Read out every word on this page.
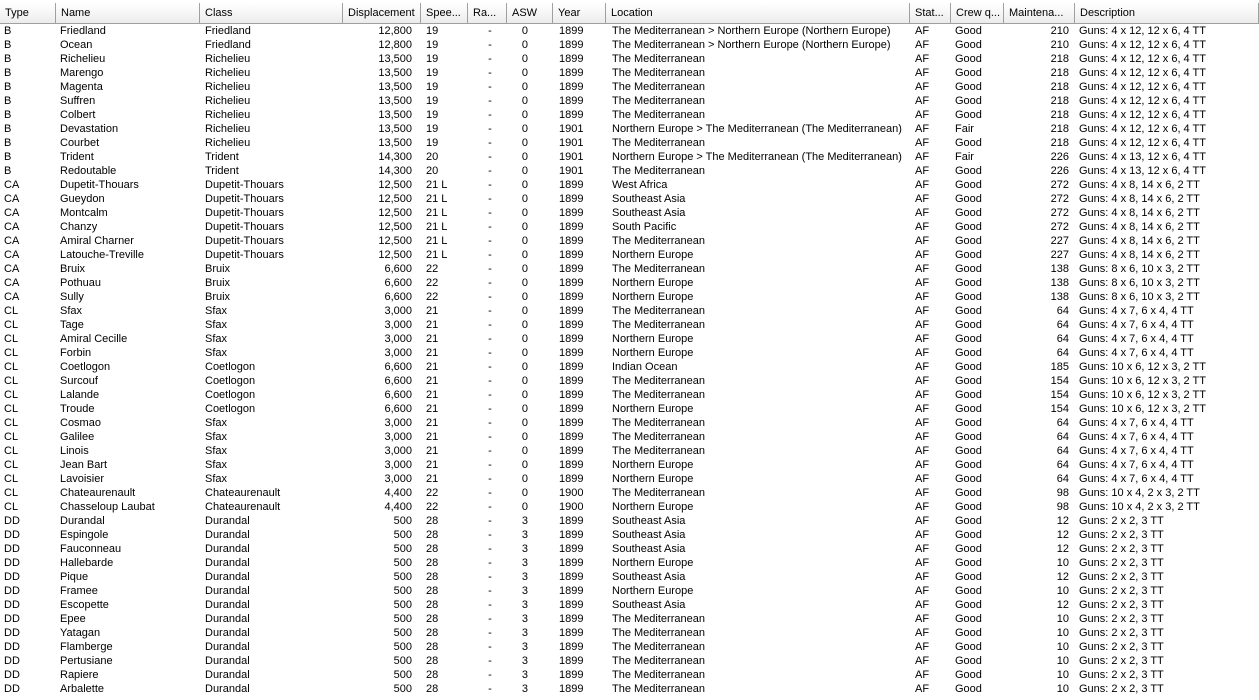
Type	Name	Class	Displacement	Spee...	Ra...	ASW	Year	Location	Stat...	Crew q... Maintena...	Description
B	Friedland	Friedland	12,800 19	-	0	1899	The Mediterranean > Northern Europe (Northern Europe)	AF	Good	210 Guns: 4 x 12, 12 x 6, 4 TT
B	Ocean	Friedland	12,800 19	-	0	1899	The Mediterranean > Northern Europe (Northern Europe)	AF	Good	210 Guns: 4 x 12, 12 x 6, 4 TT
B	Richelieu	Richelieu	13,500 19	-	0	1899	The Mediterranean	AF	Good	218 Guns: 4 x 12, 12 x 6, 4 TT
B	Marengo	Richelieu	13,500 19	-	0	1899	The Mediterranean	AF	Good	218 Guns: 4 x 12, 12 x 6, 4 TT
B	Magenta	Richelieu	13,500 19	-	0	1899	The Mediterranean	AF	Good	218 Guns: 4 x 12, 12 x 6, 4 TT
B	Suffren	Richelieu	13,500 19	-	0	1899	The Mediterranean	AF	Good	218 Guns: 4 x 12, 12 x 6, 4 TT
B	Colbert	Richelieu	13,500 19	-	0	1899	The Mediterranean	AF	Good	218 Guns: 4 x 12, 12 x 6, 4 TT
B	Devastation	Richelieu	13,500 19	-	0	1901	Northern Europe > The Mediterranean (The Mediterranean)	AF	Fair	218 Guns: 4 x 12, 12 x 6, 4 TT
B	Courbet	Richelieu	13,500 19	-	0	1901	The Mediterranean	AF	Good	218 Guns: 4 x 12, 12 x 6, 4 TT
B	Trident	Trident	14,300 20	-	0	1901	Northern Europe > The Mediterranean (The Mediterranean)	AF	Fair	226 Guns: 4 x 13, 12 x 6, 4 TT
B	Redoutable	Trident	14,300 20	-	0	1901	The Mediterranean	AF	Good	226 Guns: 4 x 13, 12 x 6, 4 TT
CA	Dupetit-Thouars	Dupetit-Thouars	12,500 21 L	-	0	1899	West Africa	AF	Good	272 Guns: 4 x 8, 14 x 6, 2 TT
CA	Gueydon	Dupetit-Thouars	12,500 21 L	-	0	1899	Southeast Asia	AF	Good	272 Guns: 4 x 8, 14 x 6, 2 TT
CA	Montcalm	Dupetit-Thouars	12,500 21 L	-	0	1899	Southeast Asia	AF	Good	272 Guns: 4 x 8, 14 x 6, 2 TT
CA	Chanzy	Dupetit-Thouars	12,500 21 L	-	0	1899	South Pacific	AF	Good	272 Guns: 4 x 8, 14 x 6, 2 TT
CA	Amiral Charner	Dupetit-Thouars	12,500 21 L	-	0	1899	The Mediterranean	AF	Good	227 Guns: 4 x 8, 14 x 6, 2 TT
CA	Latouche-Treville	Dupetit-Thouars	12,500 21 L	-	0	1899	Northern Europe	AF	Good	227 Guns: 4 x 8, 14 x 6, 2 TT
CA	Bruix	Bruix	6,600 22	-	0	1899	The Mediterranean	AF	Good	138 Guns: 8 x 6, 10 x 3, 2 TT
CA	Pothuau	Bruix	6,600 22	-	0	1899	Northern Europe	AF	Good	138 Guns: 8 x 6, 10 x 3, 2 TT
CA	Sully	Bruix	6,600 22	-	0	1899	Northern Europe	AF	Good	138 Guns: 8 x 6, 10 x 3, 2 TT
CL	Sfax	Sfax	3,000 21	-	0	1899	The Mediterranean	AF	Good	64 Guns: 4 x 7, 6 x 4, 4 TT
CL	Tage	Sfax	3,000 21	-	0	1899	The Mediterranean	AF	Good	64 Guns: 4 x 7, 6 x 4, 4 TT
CL	Amiral Cecille	Sfax	3,000 21	-	0	1899	Northern Europe	AF	Good	64 Guns: 4 x 7, 6 x 4, 4 TT
CL	Forbin	Sfax	3,000 21	-	0	1899	Northern Europe	AF	Good	64 Guns: 4 x 7, 6 x 4, 4 TT
CL	Coetlogon	Coetlogon	6,600 21	-	0	1899	Indian Ocean	AF	Good	185 Guns: 10 x 6, 12 x 3, 2 TT
CL	Surcouf	Coetlogon	6,600 21	-	0	1899	The Mediterranean	AF	Good	154 Guns: 10 x 6, 12 x 3, 2 TT
CL	Lalande	Coetlogon	6,600 21	-	0	1899	The Mediterranean	AF	Good	154 Guns: 10 x 6, 12 x 3, 2 TT
CL	Troude	Coetlogon	6,600 21	-	0	1899	Northern Europe	AF	Good	154 Guns: 10 x 6, 12 x 3, 2 TT
CL	Cosmao	Sfax	3,000 21	-	0	1899	The Mediterranean	AF	Good	64 Guns: 4 x 7, 6 x 4, 4 TT
CL	Galilee	Sfax	3,000 21	-	0	1899	The Mediterranean	AF	Good	64 Guns: 4 x 7, 6 x 4, 4 TT
CL	Linois	Sfax	3,000 21	-	0	1899	The Mediterranean	AF	Good	64 Guns: 4 x 7, 6 x 4, 4 TT
CL	Jean Bart	Sfax	3,000 21	-	0	1899	Northern Europe	AF	Good	64 Guns: 4 x 7, 6 x 4, 4 TT
CL	Lavoisier	Sfax	3,000 21	-	0	1899	Northern Europe	AF	Good	64 Guns: 4 x 7, 6 x 4, 4 TT
CL	Chateaurenault	Chateaurenault	4,400 22	-	0	1900	The Mediterranean	AF	Good	98 Guns: 10 x 4, 2 x 3, 2 TT
CL	Chasseloup Laubat	Chateaurenault	4,400 22	-	0	1900	Northern Europe	AF	Good	98 Guns: 10 x 4, 2 x 3, 2 TT
DD	Durandal	Durandal	500 28	-	3	1899	Southeast Asia	AF	Good	12 Guns: 2 x 2, 3 TT
DD	Espingole	Durandal	500 28	-	3	1899	Southeast Asia	AF	Good	12 Guns: 2 x 2, 3 TT
DD	Fauconneau	Durandal	500 28	-	3	1899	Southeast Asia	AF	Good	12 Guns: 2 x 2, 3 TT
DD	Hallebarde	Durandal	500 28	-	3	1899	Northern Europe	AF	Good	10 Guns: 2 x 2, 3 TT
DD	Pique	Durandal	500 28	-	3	1899	Southeast Asia	AF	Good	12 Guns: 2 x 2, 3 TT
DD	Framee	Durandal	500 28	-	3	1899	Northern Europe	AF	Good	10 Guns: 2 x 2, 3 TT
DD	Escopette	Durandal	500 28	-	3	1899	Southeast Asia	AF	Good	12 Guns: 2 x 2, 3 TT
DD	Epee	Durandal	500 28	-	3	1899	The Mediterranean	AF	Good	10 Guns: 2 x 2, 3 TT
DD	Yatagan	Durandal	500 28	-	3	1899	The Mediterranean	AF	Good	10 Guns: 2 x 2, 3 TT
DD	Flamberge	Durandal	500 28	-	3	1899	The Mediterranean	AF	Good	10 Guns: 2 x 2, 3 TT
DD	Pertusiane	Durandal	500 28	-	3	1899	The Mediterranean	AF	Good	10 Guns: 2 x 2, 3 TT
DD	Rapiere	Durandal	500 28	-	3	1899	The Mediterranean	AF	Good	10 Guns: 2 x 2, 3 TT
DD	Arbalette	Durandal	500 28	-	3	1899	The Mediterranean	AF	Good	10 Guns: 2 x 2, 3 TT
